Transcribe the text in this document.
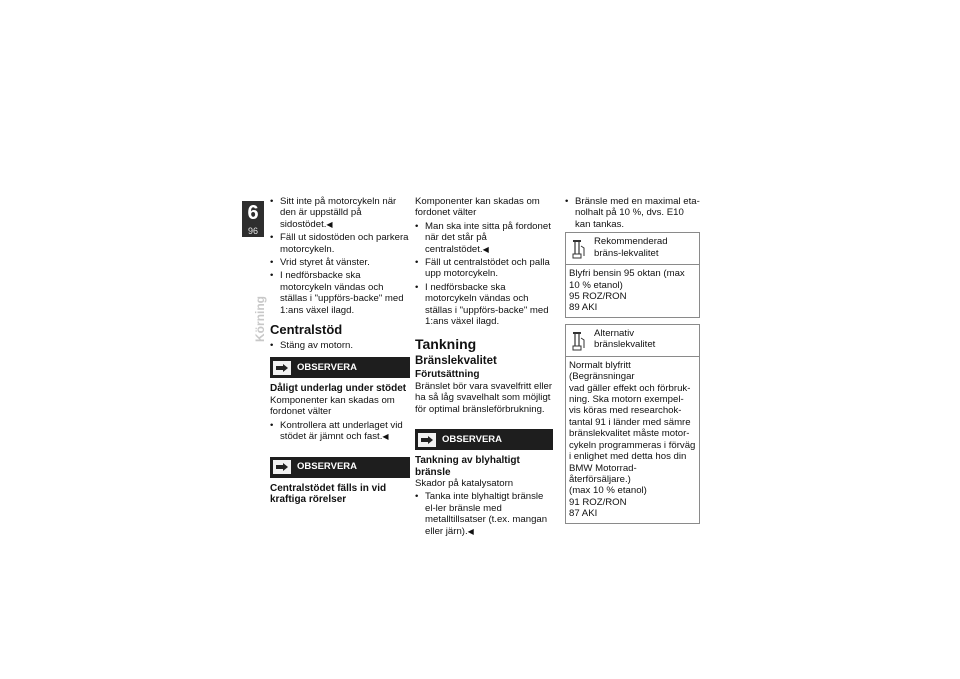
6
96
Körning
• Sitt inte på motorcykeln när den är uppställd på sidostödet.◀
• Fäll ut sidostöden och parkera motorcykeln.
• Vrid styret åt vänster.
• I nedförsbacke ska motorcykeln vändas och ställas i "uppförs-backe" med 1:ans växel ilagd.
Centralstöd
• Stäng av motorn.
OBSERVERA
Dåligt underlag under stödet

Komponenter kan skadas om fordonet välter

• Kontrollera att underlaget vid stödet är jämnt och fast.◀
OBSERVERA
Centralstödet fälls in vid kraftiga rörelser

Komponenter kan skadas om fordonet välter

• Man ska inte sitta på fordonet när det står på centralstödet.◀
• Fäll ut centralstödet och palla upp motorcykeln.
• I nedförsbacke ska motorcykeln vändas och ställas i "uppförs-backe" med 1:ans växel ilagd.
Tankning
Bränslekvalitet
Förutsättning

Bränslet bör vara svavelfritt eller ha så låg svavelhalt som möjligt för optimal bränsleförbrukning.

OBSERVERA
Tankning av blyhaltigt bränsle

Skador på katalysatorn

• Tanka inte blyhaltigt bränsle el-ler bränsle med metalltillsatser (t.ex. mangan eller järn).◀
• Bränsle med en maximal eta-nolhalt på 10 %, dvs. E10 kan tankas.
Rekommenderad bräns-lekvalitet
Blyfri bensin 95 oktan (max
10 % etanol)
95 ROZ/RON
89 AKI
Alternativ bränslekvalitet
Normalt blyfritt (Begränsningar
vad gäller effekt och förbruk-
ning. Ska motorn exempel-
vis köras med researchok-
tantal 91 i länder med sämre
bränslekvalitet måste motor-
cykeln programmeras i förväg
i enlighet med detta hos din
BMW Motorrad-återförsäljare.)
(max 10 % etanol)
91 ROZ/RON
87 AKI
